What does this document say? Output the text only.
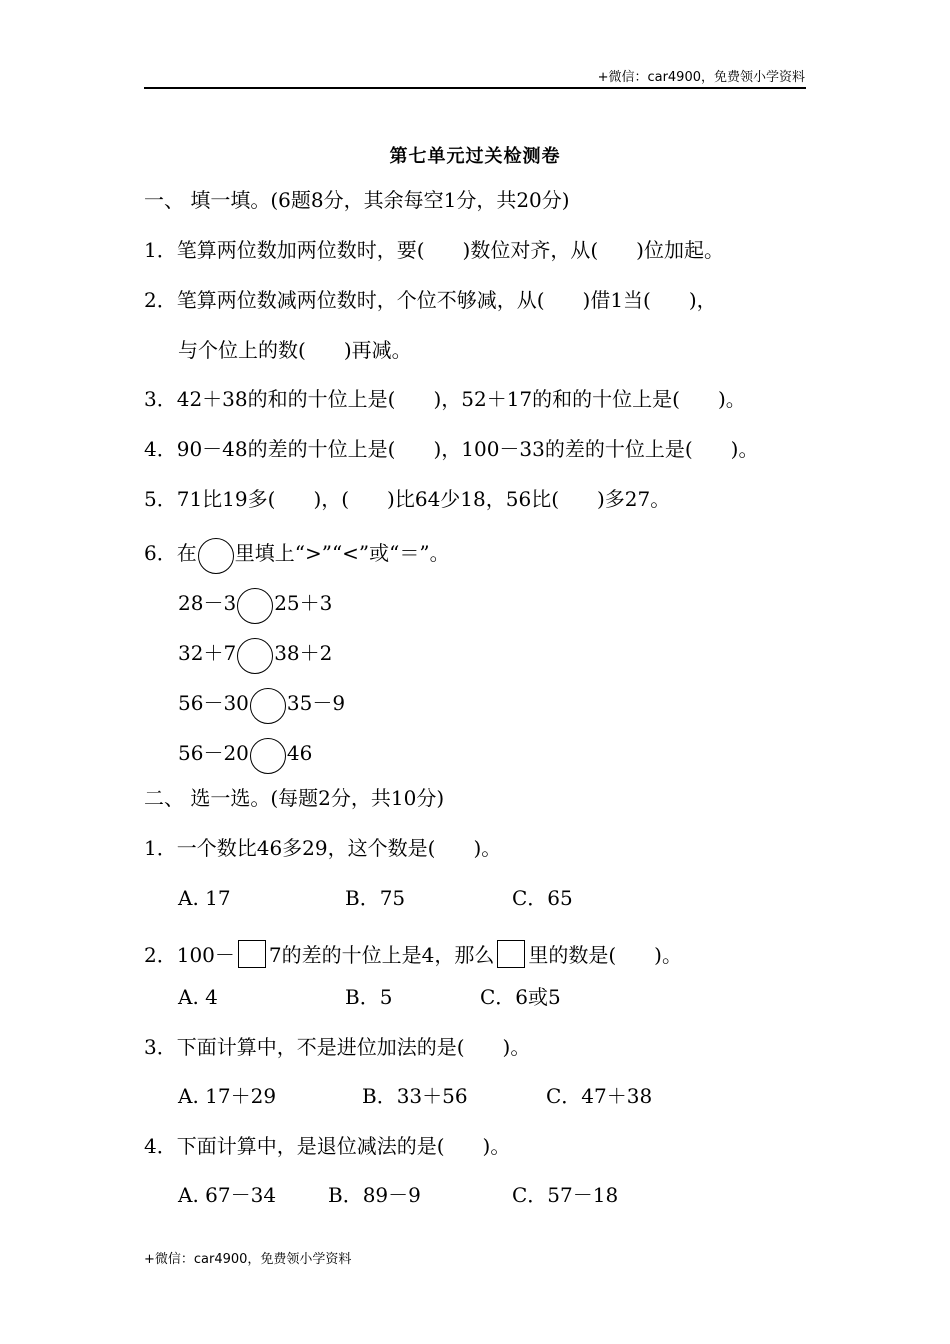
+微信：car4900，免费领小学资料
第七单元过关检测卷
一、 填一填。(6题8分，其余每空1分，共20分)
1．笔算两位数加两位数时，要( )数位对齐，从( )位加起。
2．笔算两位数减两位数时，个位不够减，从( )借1当( )，
与个位上的数( )再减。
3．42＋38的和的十位上是( )，52＋17的和的十位上是( )。
4．90－48的差的十位上是( )，100－33的差的十位上是( )。
5．71比19多( )，( )比64少18，56比( )多27。
6．在 里填上“>”“<”或“＝”。
28－3 25＋3
32＋7 38＋2
56－30 35－9
56－20 46
二、 选一选。(每题2分，共10分)
1．一个数比46多29，这个数是( )。
A. 17	B．75	C．65
2．100－ 7的差的十位上是4，那么 里的数是( )。
A. 4	B．5	C．6或5
3．下面计算中，不是进位加法的是( )。
A. 17＋29	B．33＋56	C．47＋38
4．下面计算中，是退位减法的是( )。
A. 67－34	B．89－9	C．57－18
+微信：car4900，免费领小学资料
